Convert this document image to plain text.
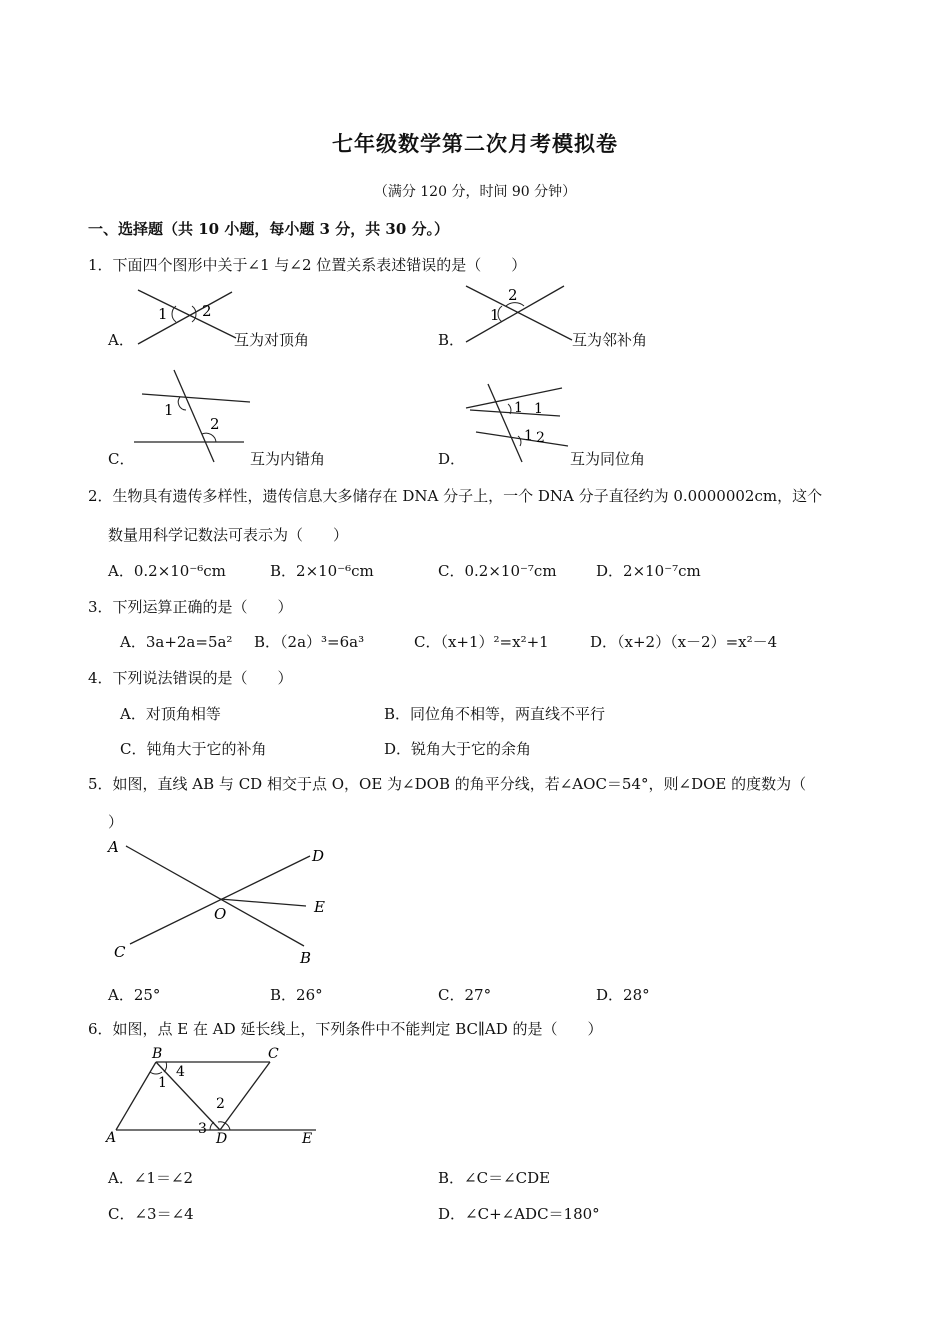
七年级数学第二次月考模拟卷
（满分 120 分，时间 90 分钟）
一、选择题（共 10 小题，每小题 3 分，共 30 分。）
1．下面四个图形中关于∠1 与∠2 位置关系表述错误的是（　　）
1 2
A．	互为对顶角
1
2
B．	互为邻补角
1
2
C．	互为内错角
1
1
1
2
D．	互为同位角
2．生物具有遗传多样性，遗传信息大多储存在 DNA 分子上，一个 DNA 分子直径约为 0.0000002cm，这个
数量用科学记数法可表示为（　　）
A．0.2×10⁻⁶cm	B．2×10⁻⁶cm	C．0.2×10⁻⁷cm	D．2×10⁻⁷cm
3．下列运算正确的是（　　）
A．3a+2a=5a² B．（2a）³=6a³	C．（x+1）²=x²+1	D．（x+2）（x－2）=x²－4
4．下列说法错误的是（　　）
A．对顶角相等	B．同位角不相等，两直线不平行
C．钝角大于它的补角	D．锐角大于它的余角
5．如图，直线 AB 与 CD 相交于点 O，OE 为∠DOB 的角平分线，若∠AOC＝54°，则∠DOE 的度数为（
）
A
B
C
D
E
O
A．25°	B．26°	C．27°	D．28°
6．如图，点 E 在 AD 延长线上，下列条件中不能判定 BC∥AD 的是（　　）
B	C
A	D	E
1
2
3
4
A．∠1＝∠2	B．∠C＝∠CDE
C．∠3＝∠4	D．∠C+∠ADC＝180°
